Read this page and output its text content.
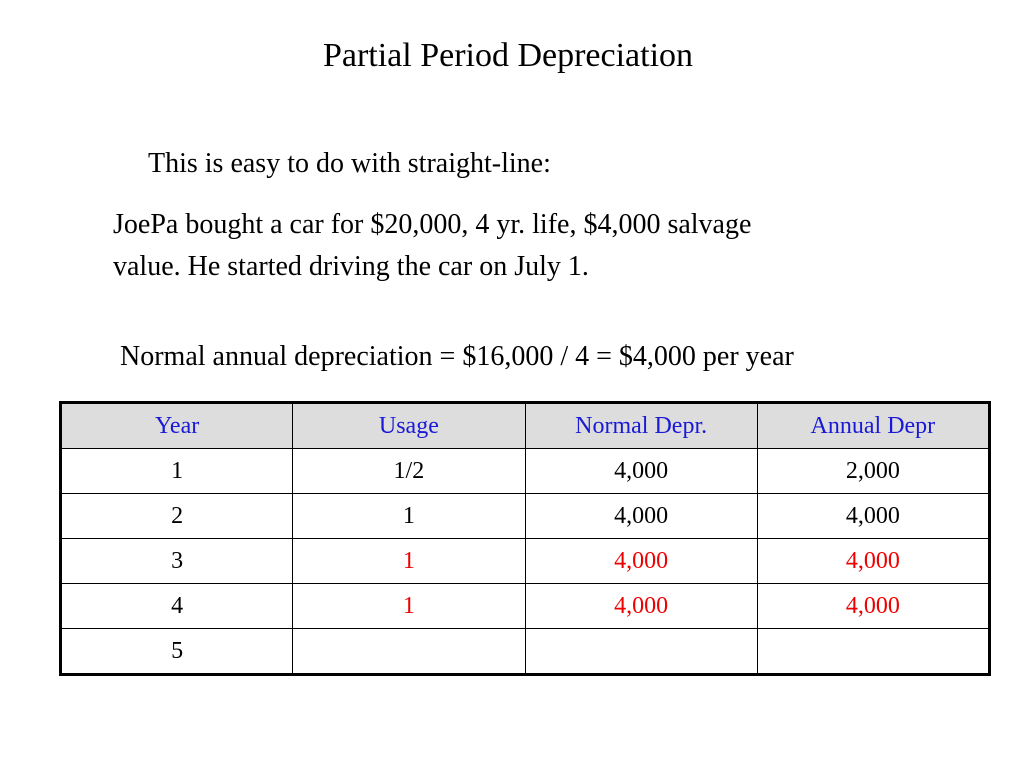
Partial Period Depreciation
This is easy to do with straight-line:
JoePa bought a car for $20,000, 4 yr. life, $4,000 salvage
value. He started driving the car on July 1.
Normal annual depreciation = $16,000 / 4 = $4,000 per year
Year	Usage	Normal Depr.	Annual Depr
1	1/2	4,000	2,000
2	1	4,000	4,000
3	1	4,000	4,000
4	1	4,000	4,000
5			
